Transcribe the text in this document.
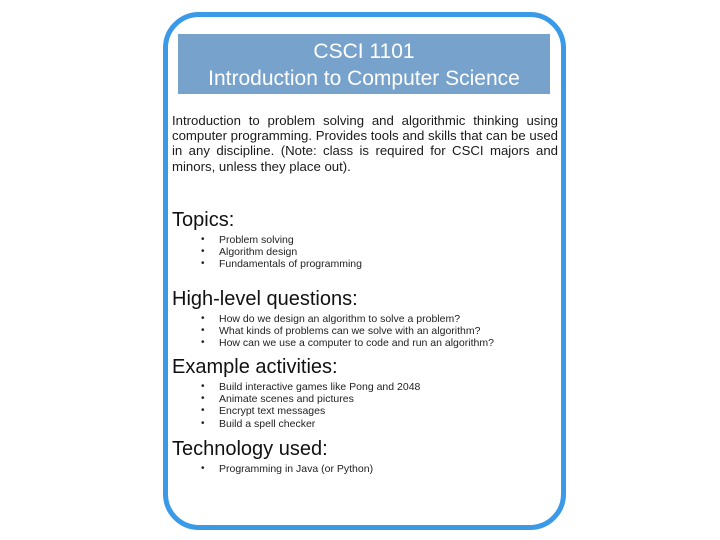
CSCI 1101
Introduction to Computer Science

Introduction to problem solving and algorithmic thinking using computer programming. Provides tools and skills that can be used in any discipline. (Note: class is required for CSCI majors and minors, unless they place out).

Topics:
• Problem solving
• Algorithm design
• Fundamentals of programming
High-level questions:
• How do we design an algorithm to solve a problem?
• What kinds of problems can we solve with an algorithm?
• How can we use a computer to code and run an algorithm?
Example activities:
• Build interactive games like Pong and 2048
• Animate scenes and pictures
• Encrypt text messages
• Build a spell checker
Technology used:
• Programming in Java (or Python)
